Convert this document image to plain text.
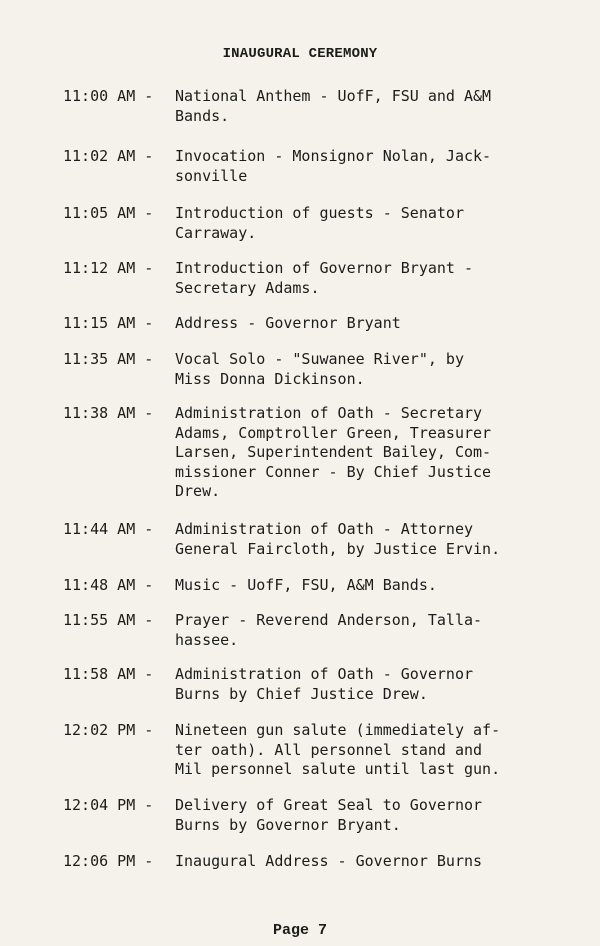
INAUGURAL CEREMONY
11:00 AM -	National Anthem - UofF, FSU and A&M
Bands.
11:02 AM -	Invocation - Monsignor Nolan, Jack-
sonville
11:05 AM -	Introduction of guests - Senator
Carraway.
11:12 AM -	Introduction of Governor Bryant -
Secretary Adams.
11:15 AM -	Address - Governor Bryant
11:35 AM -	Vocal Solo - "Suwanee River", by
Miss Donna Dickinson.
11:38 AM -	Administration of Oath - Secretary
Adams, Comptroller Green, Treasurer
Larsen, Superintendent Bailey, Com-
missioner Conner - By Chief Justice
Drew.
11:44 AM -	Administration of Oath - Attorney
General Faircloth, by Justice Ervin.
11:48 AM -	Music - UofF, FSU, A&M Bands.
11:55 AM -	Prayer - Reverend Anderson, Talla-
hassee.
11:58 AM -	Administration of Oath - Governor
Burns by Chief Justice Drew.
12:02 PM -	Nineteen gun salute (immediately af-
ter oath). All personnel stand and
Mil personnel salute until last gun.
12:04 PM -	Delivery of Great Seal to Governor
Burns by Governor Bryant.
12:06 PM -	Inaugural Address - Governor Burns
Page 7
